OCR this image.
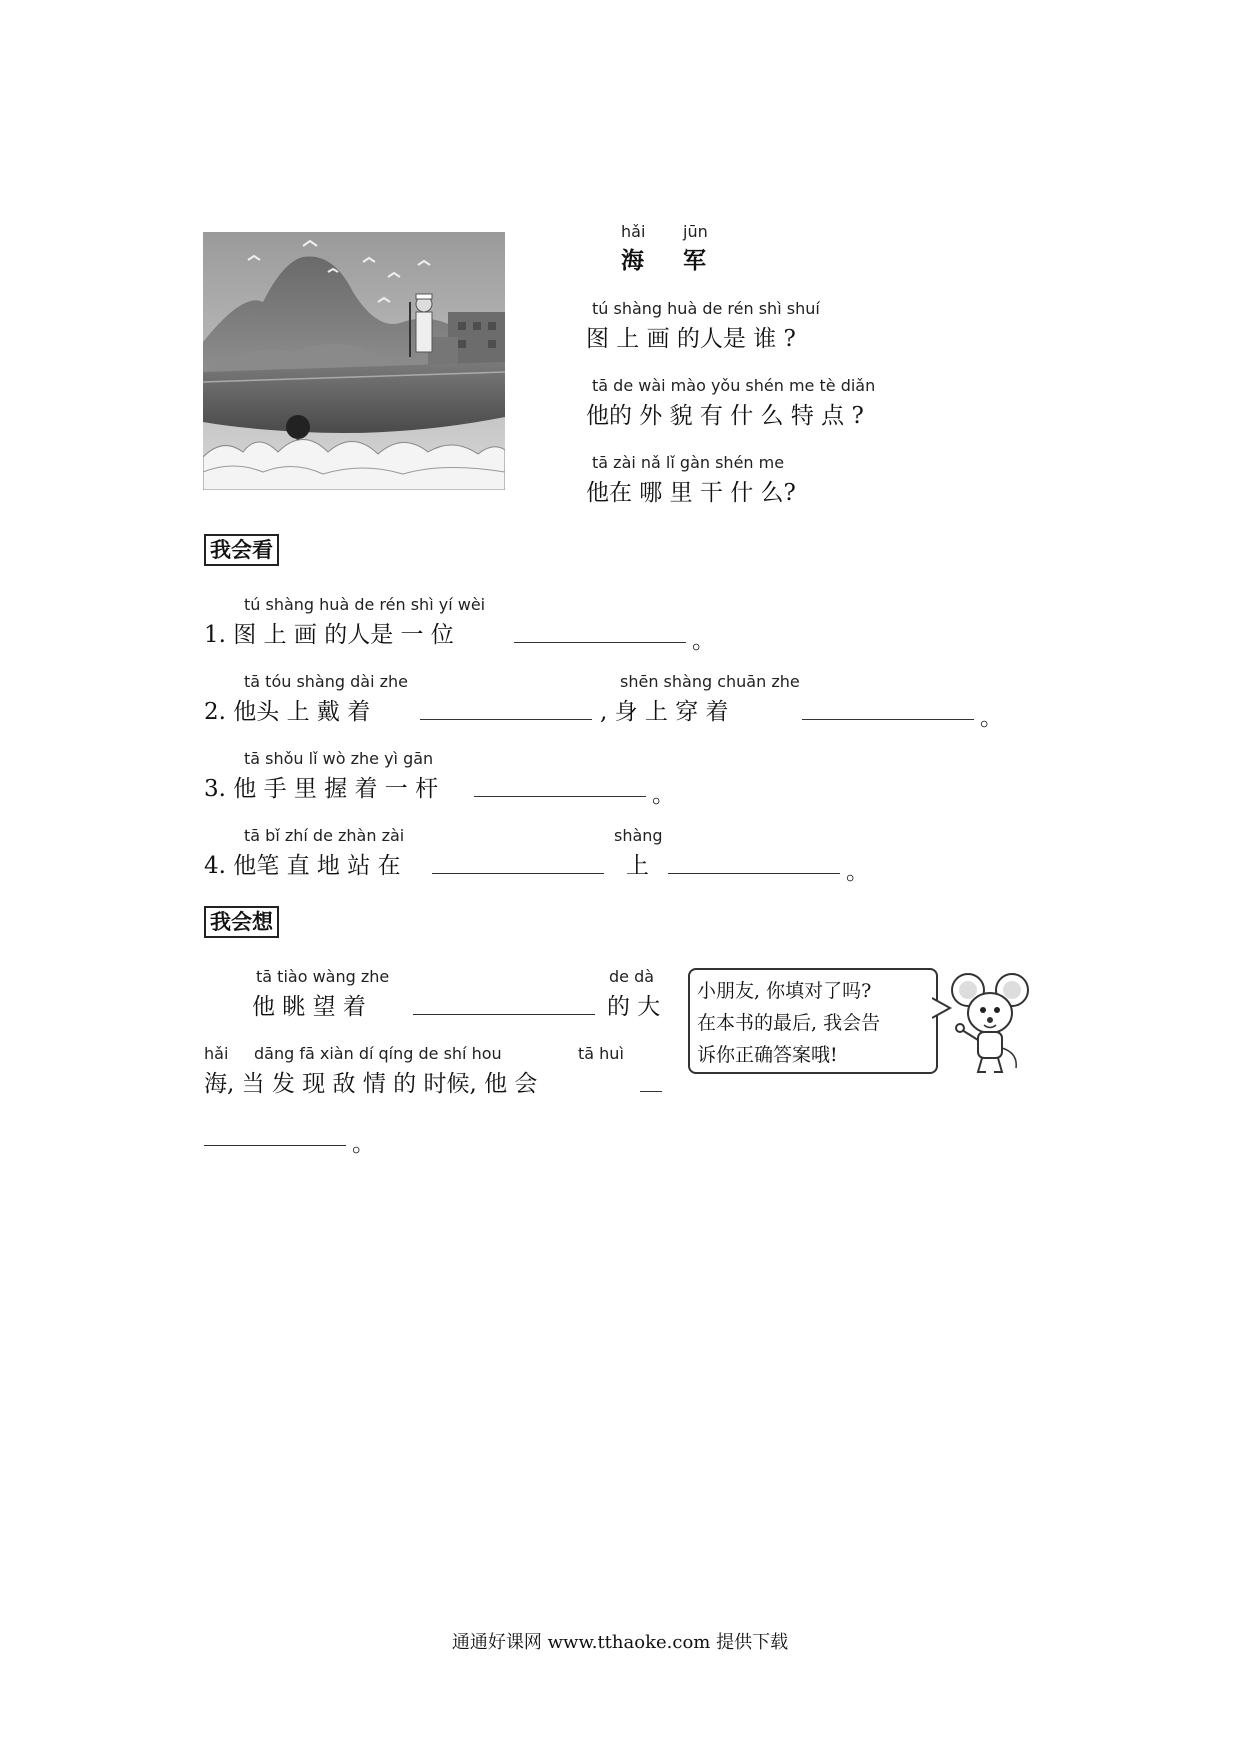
hǎi jūn
海 军
tú shàng huà de rén shì shuí
图 上 画 的人是 谁 ?
tā de wài mào yǒu shén me tè diǎn
他的 外 貌 有 什 么 特 点 ?
tā zài nǎ lǐ gàn shén me
他在 哪 里 干 什 么?
我会看
tú shàng huà de rén shì yí wèi
1. 图 上 画 的人是 一 位	。
tā tóu shàng dài zhe
2. 他头 上 戴 着
shēn shàng chuān zhe
, 身 上 穿 着	。
tā shǒu lǐ wò zhe yì gān
3. 他 手 里 握 着 一 杆	。
tā bǐ zhí de zhàn zài
4. 他笔 直 地 站 在
shàng
上	。
我会想
tā tiào wàng zhe
他 眺 望 着
de dà
的 大
hǎi dāng fā xiàn dí qíng de shí hou	tā huì
海, 当 发 现 敌 情 的 时候, 他 会
。
小朋友, 你填对了吗?
在本书的最后, 我会告
诉你正确答案哦!
通通好课网 www.tthaoke.com 提供下载
